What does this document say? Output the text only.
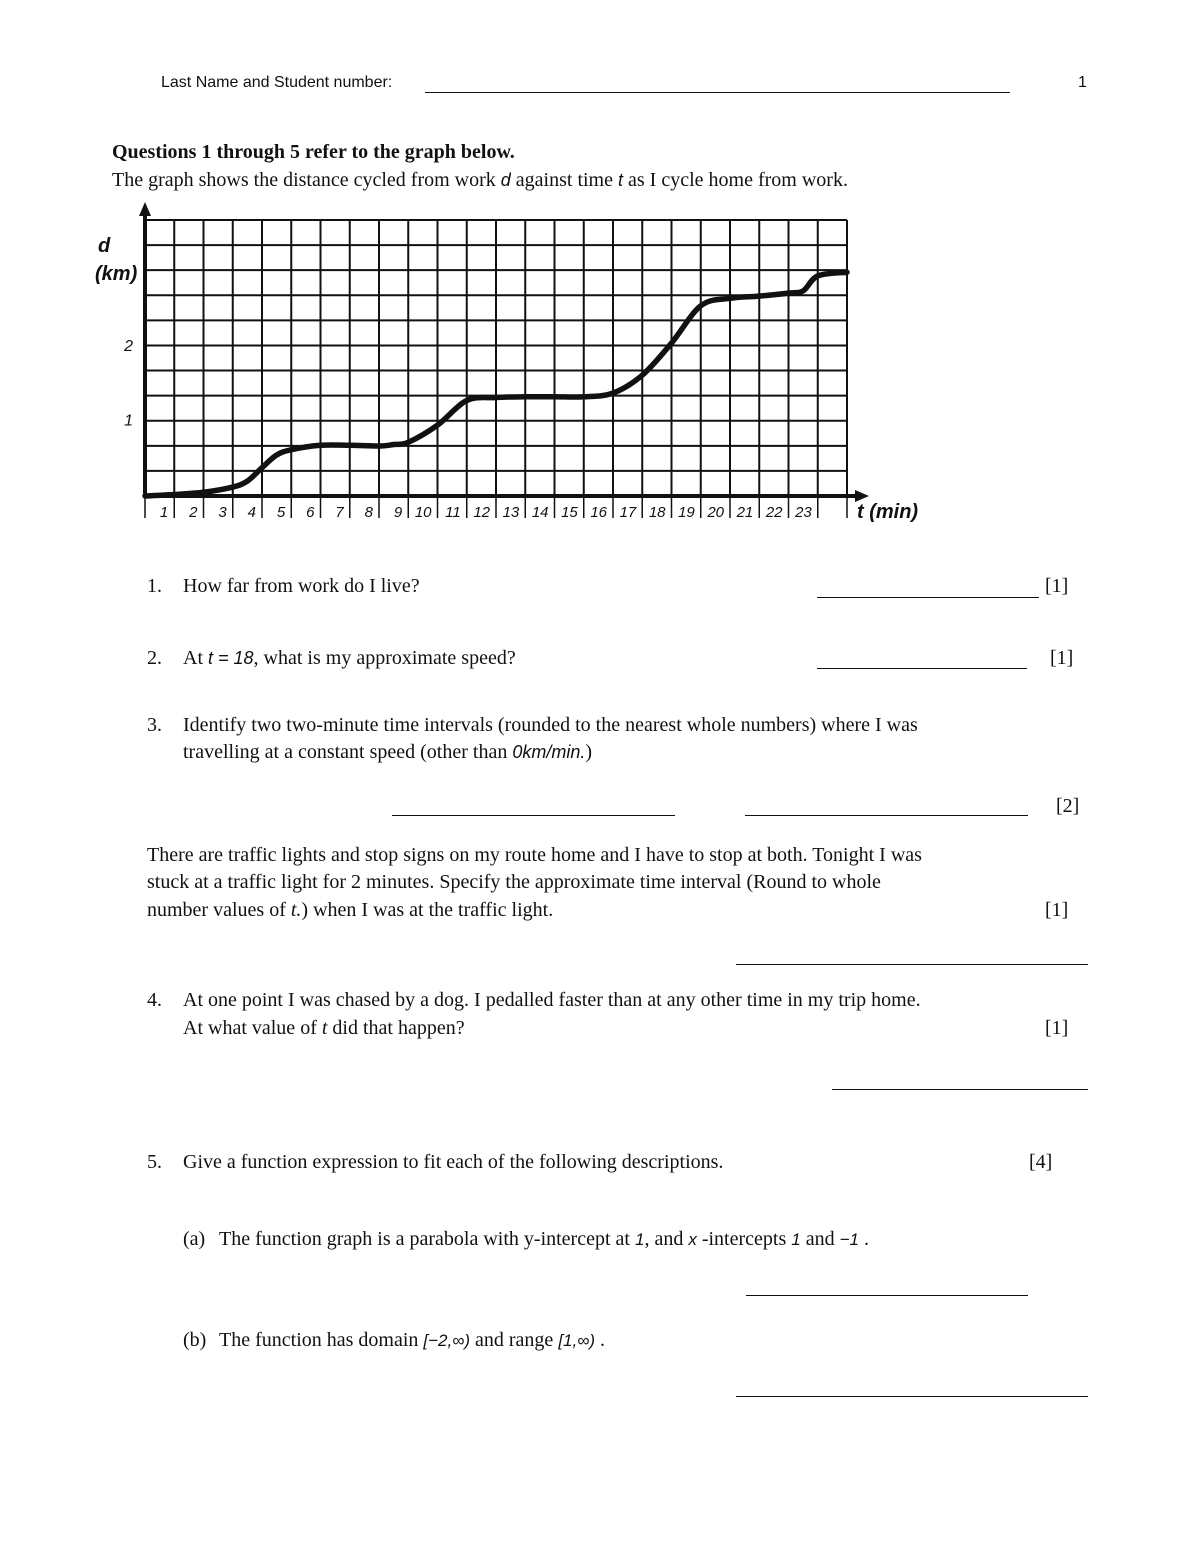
Last Name and Student number:	1
Questions 1 through 5 refer to the graph below.
The graph shows the distance cycled from work d against time t as I cycle home from work.
1 2 3 4 5 6 7 8 9 10 11 12 13 14 15 16 17 18 19 20 21 22 23
1
2
d
(km)
t (min)
1. How far from work do I live?	[1]
2. At t = 18, what is my approximate speed?	[1]
3. Identify two two-minute time intervals (rounded to the nearest whole numbers) where I was
travelling at a constant speed (other than 0km/min.)
[2]
There are traffic lights and stop signs on my route home and I have to stop at both. Tonight I was
stuck at a traffic light for 2 minutes. Specify the approximate time interval (Round to whole
number values of t.) when I was at the traffic light.	[1]
4. At one point I was chased by a dog. I pedalled faster than at any other time in my trip home.
At what value of t did that happen?	[1]
5. Give a function expression to fit each of the following descriptions.	[4]
(a) The function graph is a parabola with y-intercept at 1, and x -intercepts 1 and −1 .
(b) The function has domain [−2,∞) and range [1,∞) .
